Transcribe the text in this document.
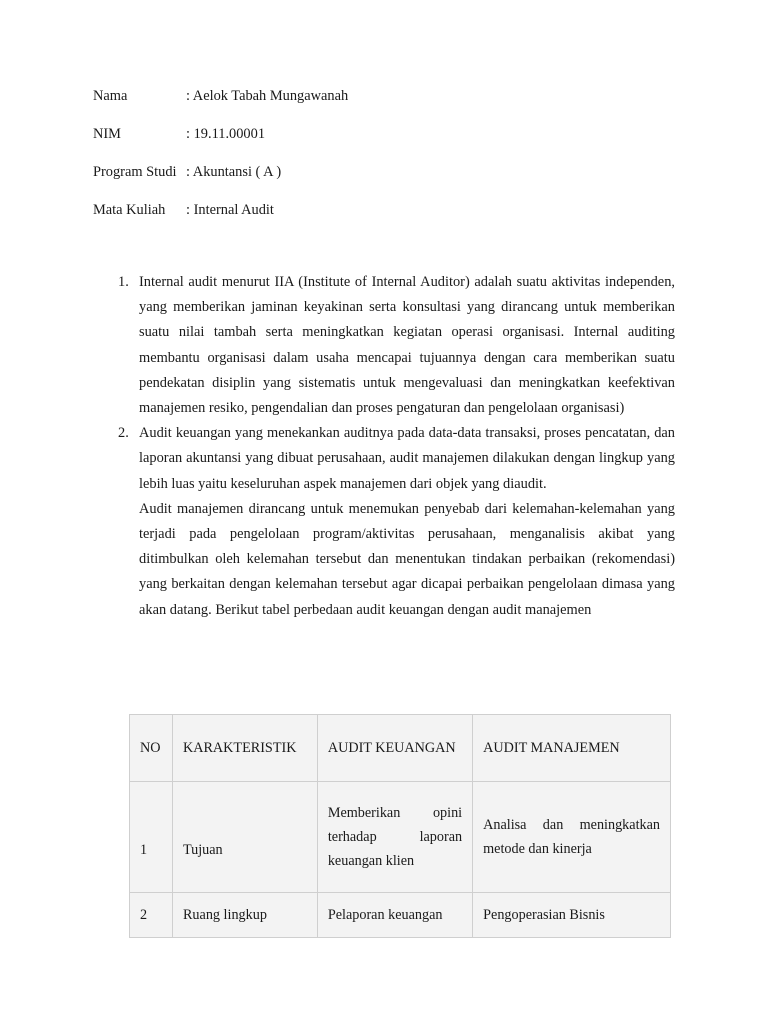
Nama	: Aelok Tabah Mungawanah
NIM	: 19.11.00001
Program Studi : Akuntansi ( A )
Mata Kuliah	: Internal Audit
1. Internal audit menurut IIA (Institute of Internal Auditor) adalah suatu aktivitas independen, yang memberikan jaminan keyakinan serta konsultasi yang dirancang untuk memberikan suatu nilai tambah serta meningkatkan kegiatan operasi organisasi. Internal auditing membantu organisasi dalam usaha mencapai tujuannya dengan cara memberikan suatu pendekatan disiplin yang sistematis untuk mengevaluasi dan meningkatkan keefektivan manajemen resiko, pengendalian dan proses pengaturan dan pengelolaan organisasi)
2. Audit keuangan yang menekankan auditnya pada data-data transaksi, proses pencatatan, dan laporan akuntansi yang dibuat perusahaan, audit manajemen dilakukan dengan lingkup yang lebih luas yaitu keseluruhan aspek manajemen dari objek yang diaudit.
Audit manajemen dirancang untuk menemukan penyebab dari kelemahan-kelemahan yang terjadi pada pengelolaan program/aktivitas perusahaan, menganalisis akibat yang ditimbulkan oleh kelemahan tersebut dan menentukan tindakan perbaikan (rekomendasi) yang berkaitan dengan kelemahan tersebut agar dicapai perbaikan pengelolaan dimasa yang akan datang. Berikut tabel perbedaan audit keuangan dengan audit manajemen
NO	KARAKTERISTIK	AUDIT KEUANGAN	AUDIT MANAJEMEN
1	Tujuan	Memberikan opini terhadap laporan keuangan klien	Analisa dan meningkatkan metode dan kinerja
2	Ruang lingkup	Pelaporan keuangan	Pengoperasian Bisnis
